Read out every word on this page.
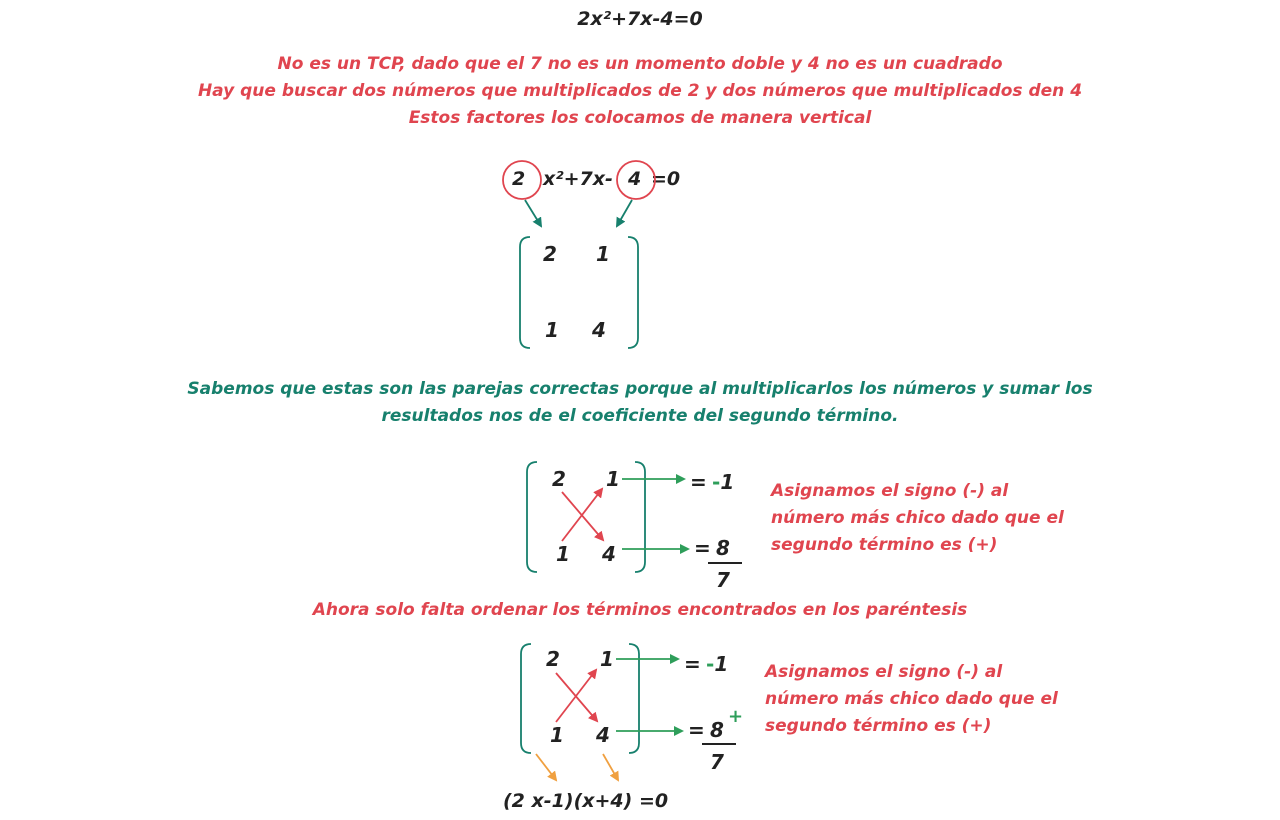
2x²+7x-4=0
No es un TCP, dado que el 7 no es un momento doble y 4 no es un cuadrado
Hay que buscar dos números que multiplicados de 2 y dos números que multiplicados den 4
Estos factores los colocamos de manera vertical
2 x²+7x- 4 =0
2 1
1 4
Sabemos que estas son las parejas correctas porque al multiplicarlos los números y sumar los
resultados nos de el coeficiente del segundo término.
2 1
1 4
= -1
= 8
7
Asignamos el signo (-) al
número más chico dado que el
segundo término es (+)
Ahora solo falta ordenar los términos encontrados en los paréntesis
2 1
1 4
= -1
= 8
+
7
Asignamos el signo (-) al
número más chico dado que el
segundo término es (+)
(2 x-1)(x+4) =0
